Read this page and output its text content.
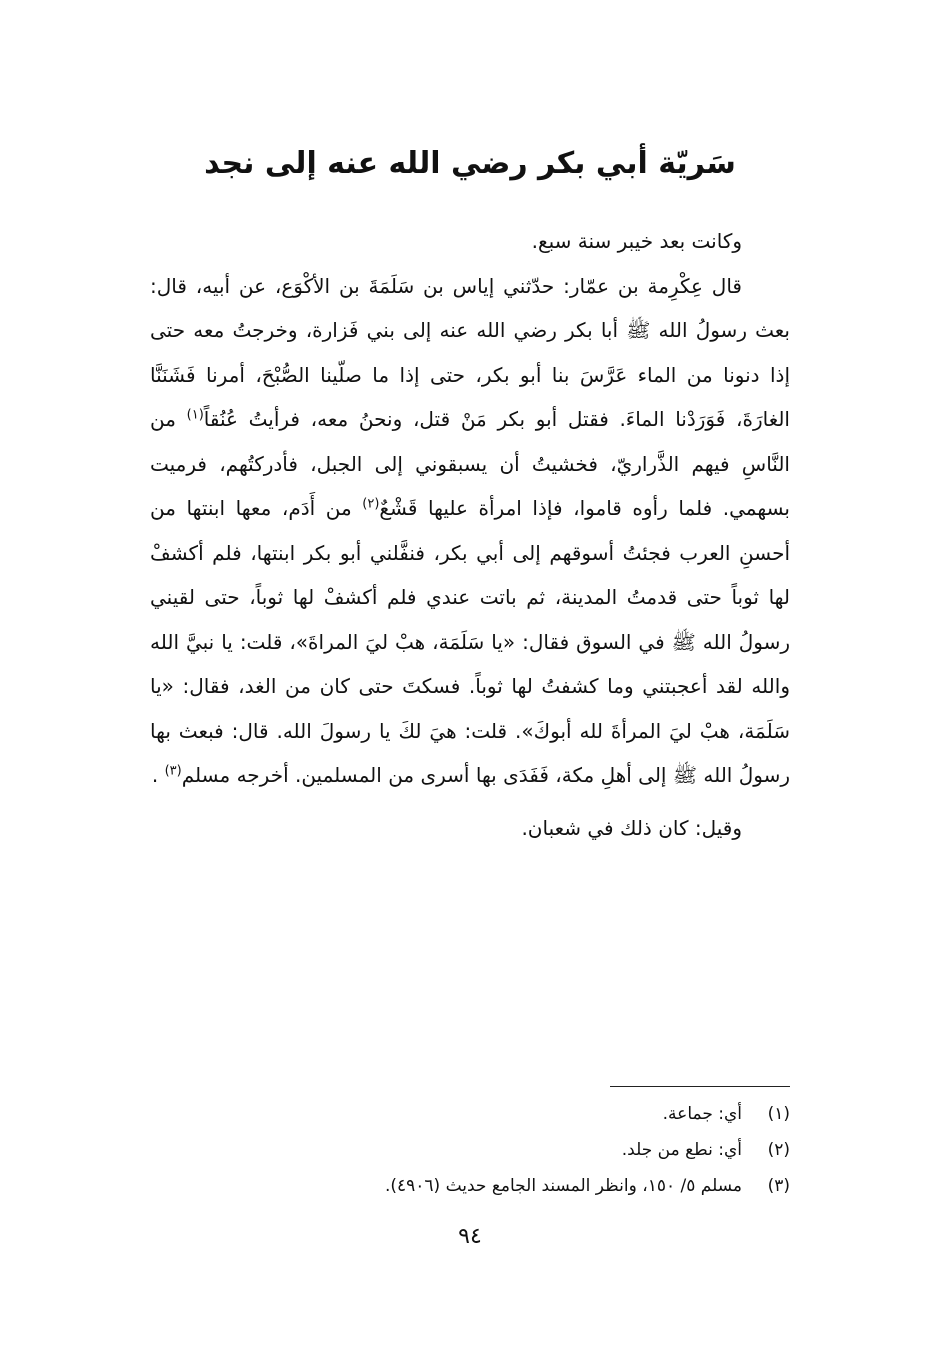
سَريّة أبي بكر رضي الله عنه إلى نجد

وكانت بعد خيبر سنة سبع.

قال عِكْرِمة بن عمّار: حدّثني إياس بن سَلَمَةَ بن الأكْوَع، عن أبيه، قال: بعث رسولُ الله ﷺ أبا بكر رضي الله عنه إلى بني فَزارة، وخرجتُ معه حتى إذا دنونا من الماء عَرَّسَ بنا أبو بكر، حتى إذا ما صلّينا الصُّبْحَ، أمرنا فَشَنَنَّا الغارَةَ، فَوَرَدْنا الماءَ. فقتل أبو بكر مَنْ قتل، ونحنُ معه، فرأيتُ عُنُقاً$^{(١)}$ من النَّاسِ فيهم الذَّراريّ، فخشيتُ أن يسبقوني إلى الجبل، فأدركتُهم، فرميت بسهمي. فلما رأوه قاموا، فإذا امرأة عليها قَشْعٌ$^{(٢)}$ من أَدَم، معها ابنتها من أحسنِ العرب فجئتُ أسوقهم إلى أبي بكر، فنفَّلني أبو بكر ابنتها، فلم أكشفْ لها ثوباً حتى قدمتُ المدينة، ثم باتت عندي فلم أكشفْ لها ثوباً، حتى لقيني رسولُ الله ﷺ في السوق فقال: «يا سَلَمَة، هبْ ليَ المراةَ»، قلت: يا نبيَّ الله والله لقد أعجبتني وما كشفتُ لها ثوباً. فسكتَ حتى كان من الغد، فقال: «يا سَلَمَة، هبْ ليَ المرأةَ لله أبوكَ». قلت: هيَ لكَ يا رسولَ الله. قال: فبعث بها رسولُ الله ﷺ إلى أهلِ مكة، فَفَدَى بها أسرى من المسلمين. أخرجه مسلم$^{(٣)}$ .

وقيل: كان ذلك في شعبان.

(١)
أي: جماعة.
(٢)
أي: نطع من جلد.
(٣)
مسلم ٥/ ١٥٠، وانظر المسند الجامع حديث (٤٩٠٦).
٩٤
